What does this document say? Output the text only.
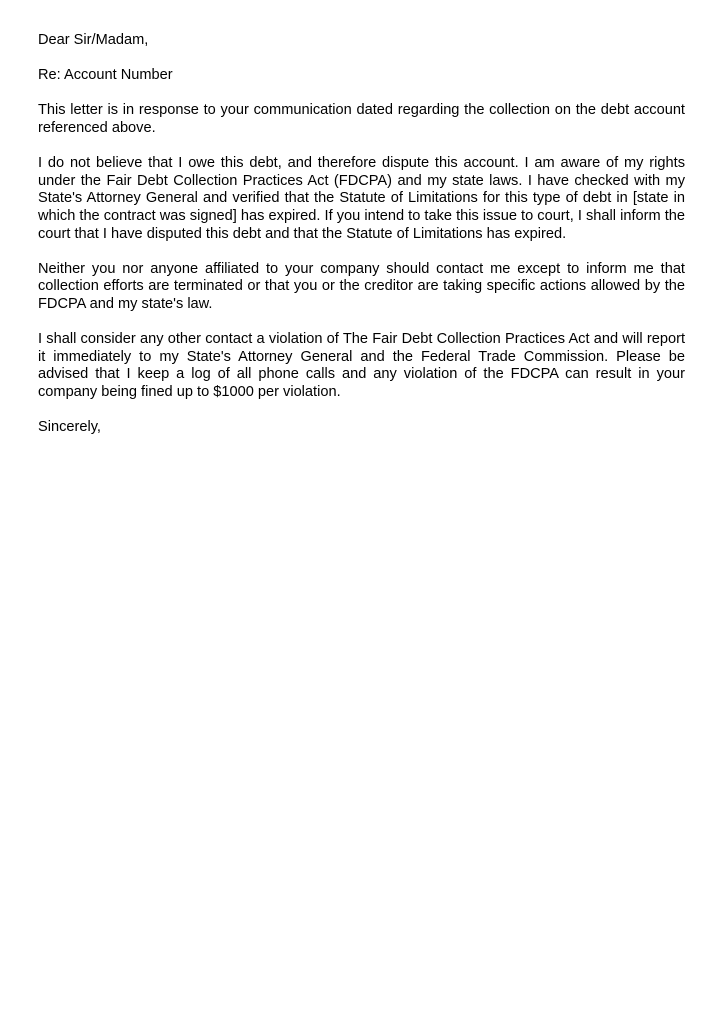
Dear Sir/Madam,

Re: Account Number

This letter is in response to your communication dated regarding the collection on the debt account referenced above.

I do not believe that I owe this debt, and therefore dispute this account. I am aware of my rights under the Fair Debt Collection Practices Act (FDCPA) and my state laws. I have checked with my State's Attorney General and verified that the Statute of Limitations for this type of debt in [state in which the contract was signed] has expired. If you intend to take this issue to court, I shall inform the court that I have disputed this debt and that the Statute of Limitations has expired.

Neither you nor anyone affiliated to your company should contact me except to inform me that collection efforts are terminated or that you or the creditor are taking specific actions allowed by the FDCPA and my state's law.

I shall consider any other contact a violation of The Fair Debt Collection Practices Act and will report it immediately to my State's Attorney General and the Federal Trade Commission. Please be advised that I keep a log of all phone calls and any violation of the FDCPA can result in your company being fined up to $1000 per violation.

Sincerely,
